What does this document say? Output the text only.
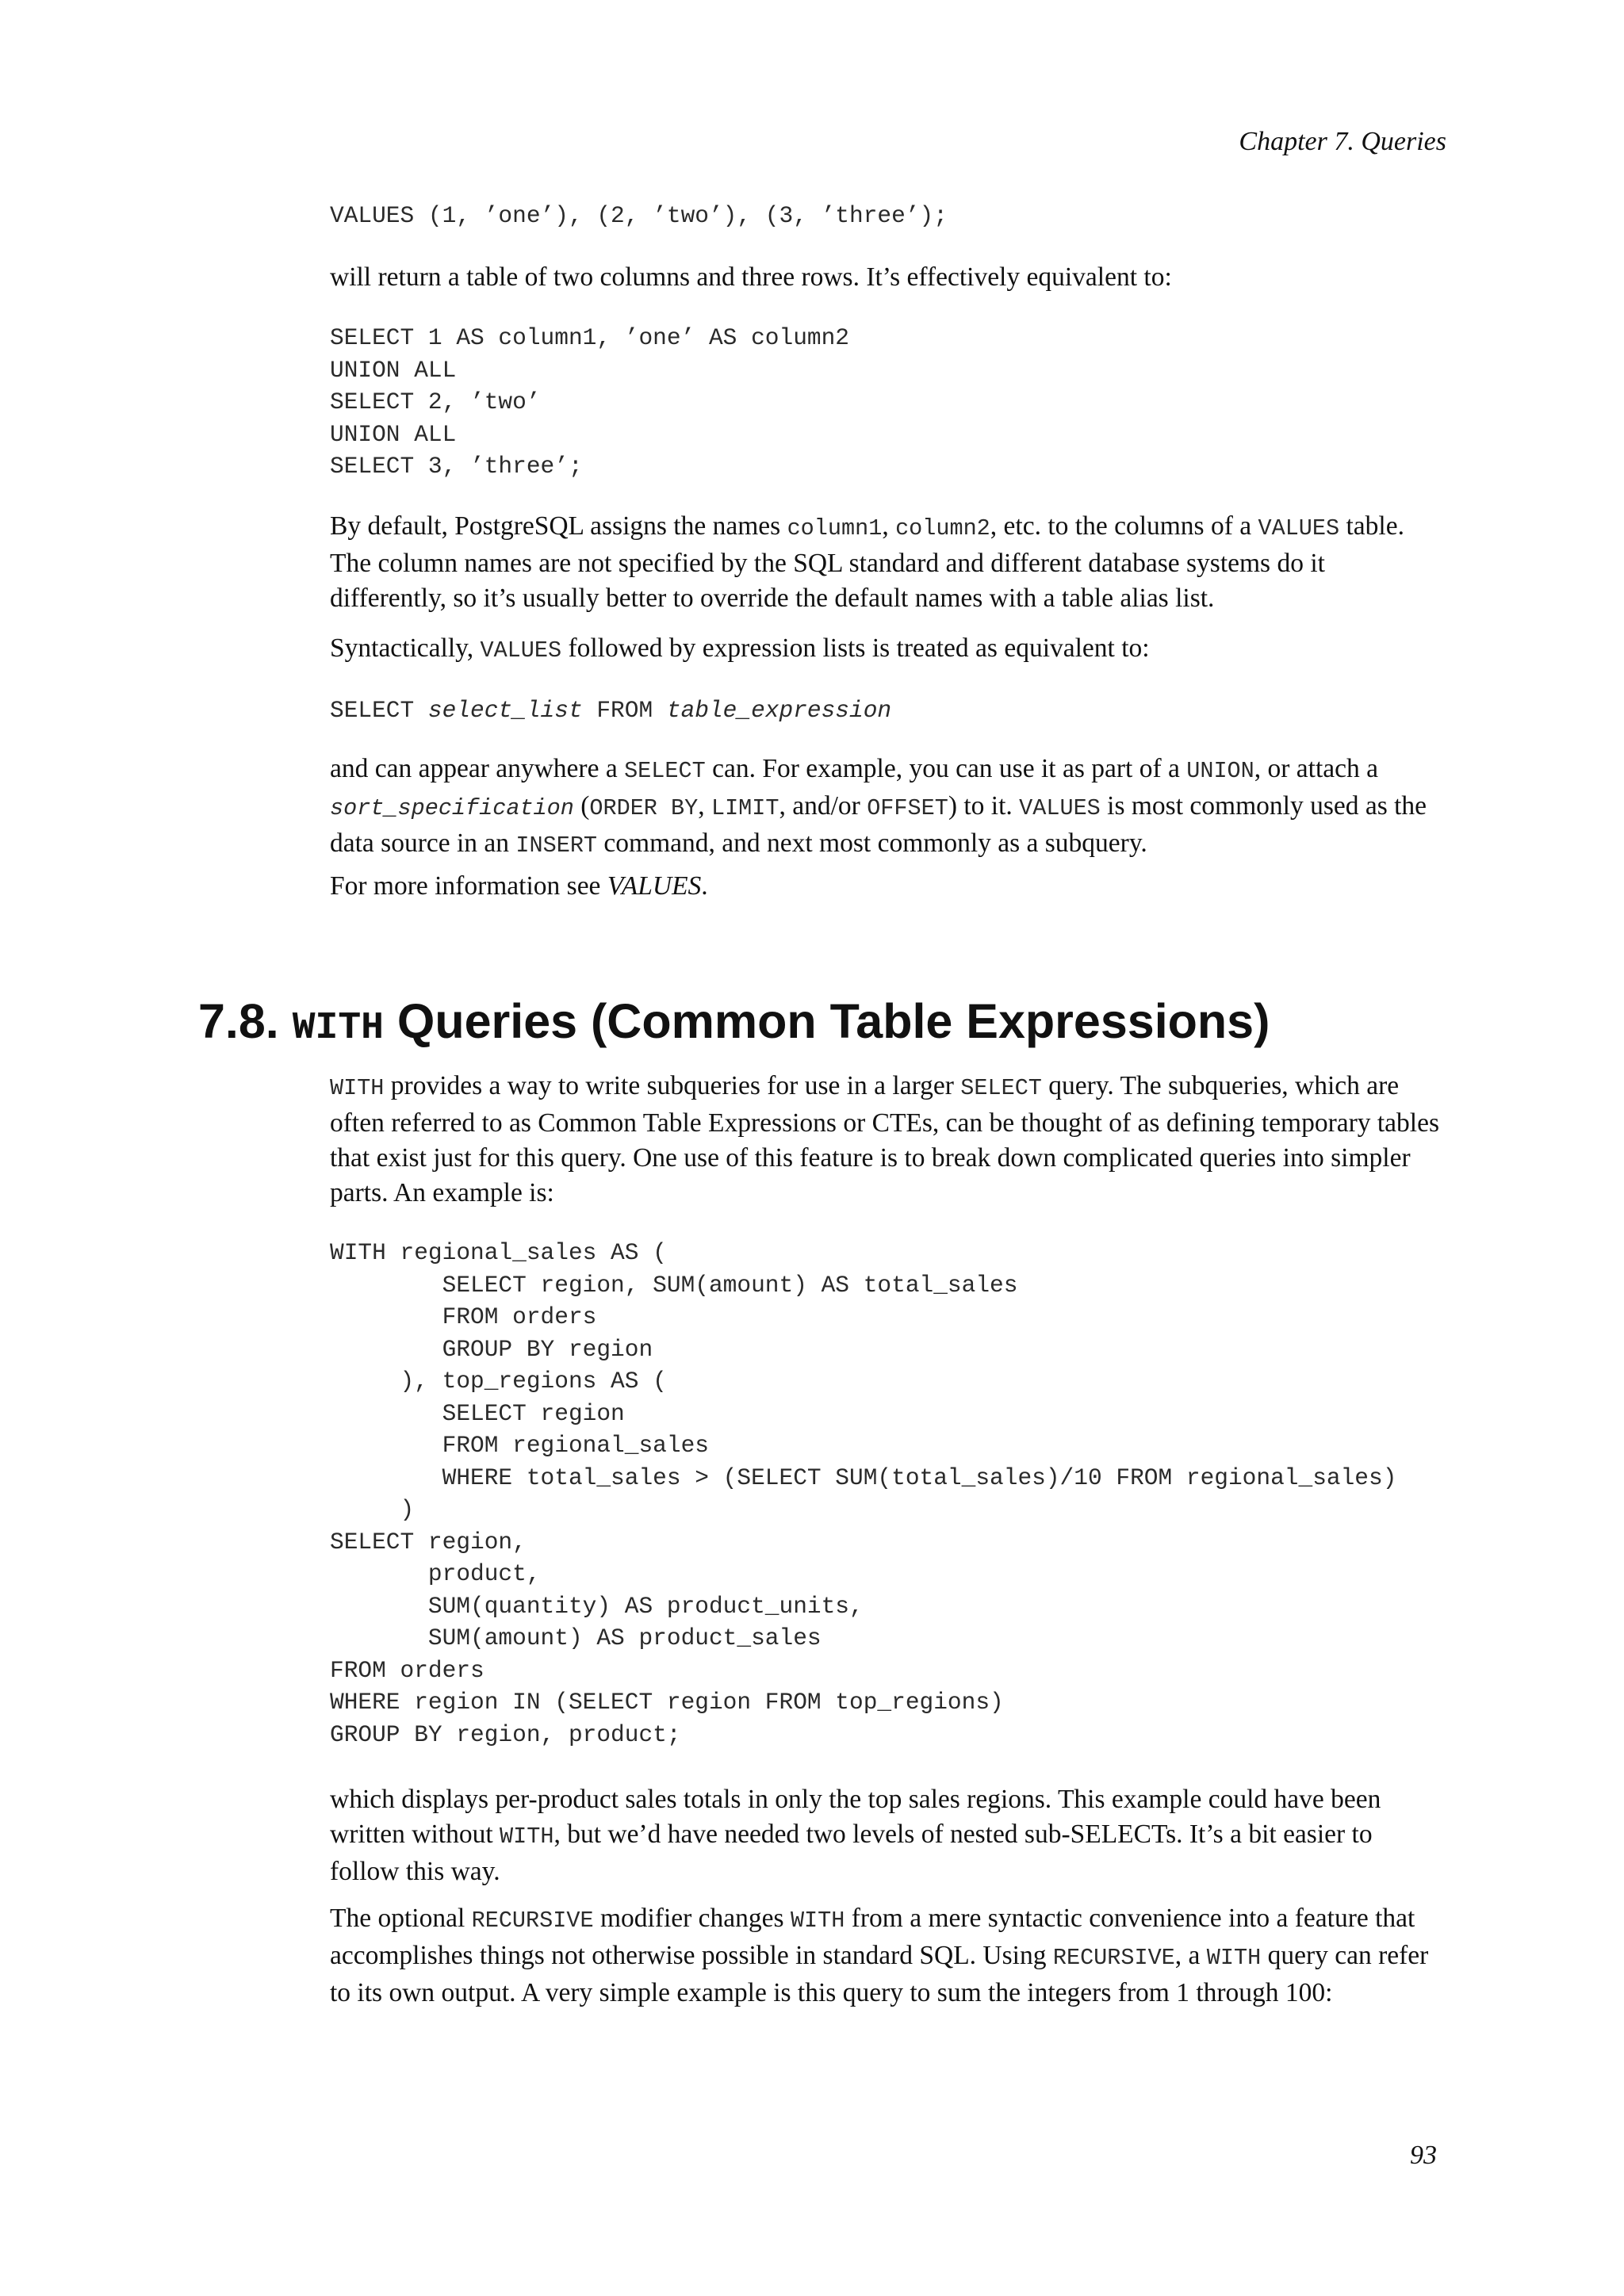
Chapter 7. Queries
VALUES (1, ’one’), (2, ’two’), (3, ’three’);

will return a table of two columns and three rows. It’s effectively equivalent to:

SELECT 1 AS column1, ’one’ AS column2
UNION ALL
SELECT 2, ’two’
UNION ALL
SELECT 3, ’three’;

By default, PostgreSQL assigns the names column1, column2, etc. to the columns of a VALUES table. The column names are not specified by the SQL standard and different database systems do it differently, so it’s usually better to override the default names with a table alias list.

Syntactically, VALUES followed by expression lists is treated as equivalent to:

SELECT select_list FROM table_expression

and can appear anywhere a SELECT can. For example, you can use it as part of a UNION, or attach a sort_specification (ORDER BY, LIMIT, and/or OFFSET) to it. VALUES is most commonly used as the data source in an INSERT command, and next most commonly as a subquery.

For more information see VALUES.

7.8. WITH Queries (Common Table Expressions)

WITH provides a way to write subqueries for use in a larger SELECT query. The subqueries, which are often referred to as Common Table Expressions or CTEs, can be thought of as defining temporary tables that exist just for this query. One use of this feature is to break down complicated queries into simpler parts. An example is:

WITH regional_sales AS (
SELECT region, SUM(amount) AS total_sales
FROM orders
GROUP BY region
), top_regions AS (
SELECT region
FROM regional_sales
WHERE total_sales > (SELECT SUM(total_sales)/10 FROM regional_sales)
)
SELECT region,
product,
SUM(quantity) AS product_units,
SUM(amount) AS product_sales
FROM orders
WHERE region IN (SELECT region FROM top_regions)
GROUP BY region, product;

which displays per-product sales totals in only the top sales regions. This example could have been written without WITH, but we’d have needed two levels of nested sub-SELECTs. It’s a bit easier to follow this way.

The optional RECURSIVE modifier changes WITH from a mere syntactic convenience into a feature that accomplishes things not otherwise possible in standard SQL. Using RECURSIVE, a WITH query can refer to its own output. A very simple example is this query to sum the integers from 1 through 100:

93
